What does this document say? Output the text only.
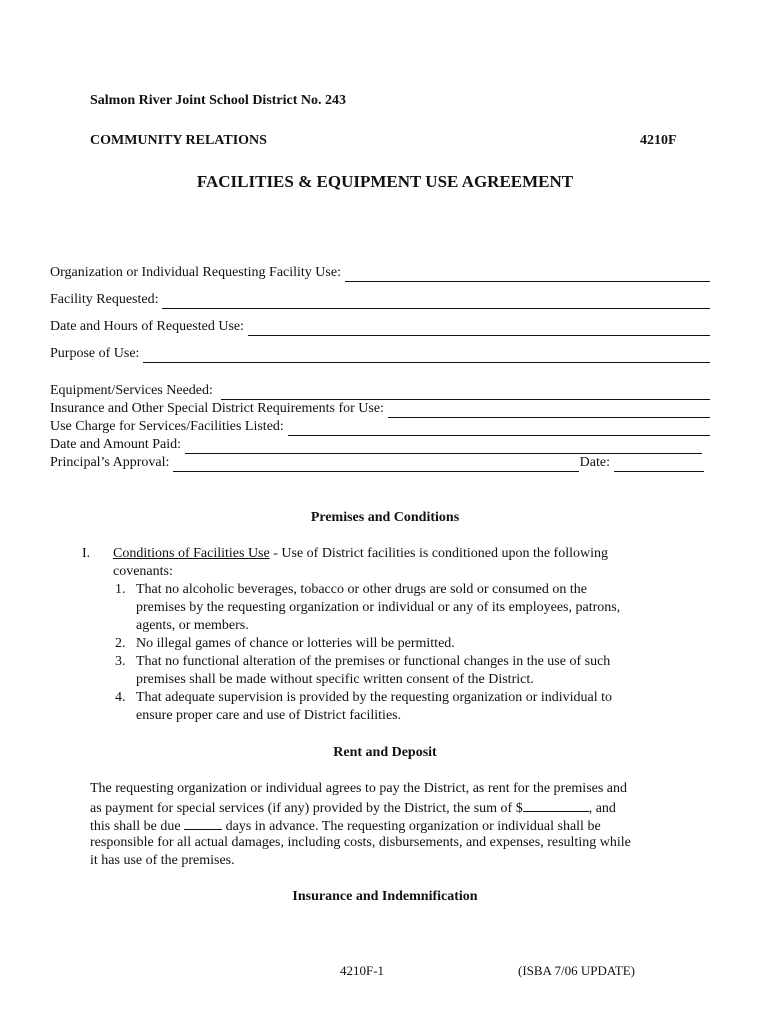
Salmon River Joint School District No. 243
COMMUNITY RELATIONS	4210F
FACILITIES & EQUIPMENT USE AGREEMENT
Organization or Individual Requesting Facility Use:
Facility Requested:
Date and Hours of Requested Use:
Purpose of Use:
Equipment/Services Needed:
Insurance and Other Special District Requirements for Use:
Use Charge for Services/Facilities Listed:
Date and Amount Paid:
Principal’s Approval:	Date:
Premises and Conditions
I. Conditions of Facilities Use - Use of District facilities is conditioned upon the following
covenants:
1. That no alcoholic beverages, tobacco or other drugs are sold or consumed on the
premises by the requesting organization or individual or any of its employees, patrons,
agents, or members.
2. No illegal games of chance or lotteries will be permitted.
3. That no functional alteration of the premises or functional changes in the use of such
premises shall be made without specific written consent of the District.
4. That adequate supervision is provided by the requesting organization or individual to
ensure proper care and use of District facilities.
Rent and Deposit
The requesting organization or individual agrees to pay the District, as rent for the premises and
as payment for special services (if any) provided by the District, the sum of $	, and
this shall be due	days in advance. The requesting organization or individual shall be
responsible for all actual damages, including costs, disbursements, and expenses, resulting while
it has use of the premises.
Insurance and Indemnification
4210F-1	(ISBA 7/06 UPDATE)
